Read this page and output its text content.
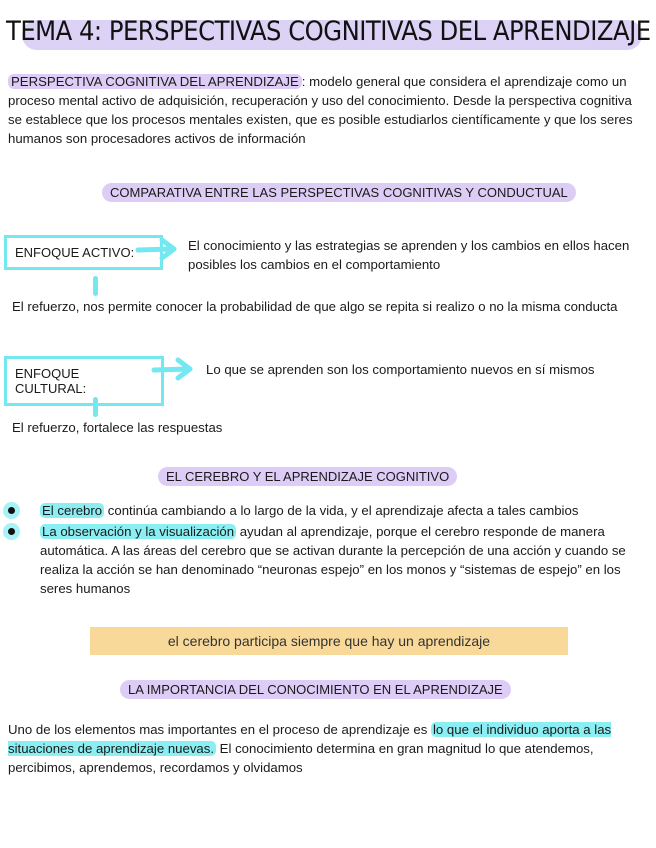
TEMA 4: PERSPECTIVAS COGNITIVAS DEL APRENDIZAJE
PERSPECTIVA COGNITIVA DEL APRENDIZAJE : modelo general que considera el aprendizaje como un proceso mental activo de adquisición, recuperación y uso del conocimiento. Desde la perspectiva cognitiva se establece que los procesos mentales existen, que es posible estudiarlos científicamente y que los seres humanos son procesadores activos de información
COMPARATIVA ENTRE LAS PERSPECTIVAS COGNITIVAS Y CONDUCTUAL
ENFOQUE ACTIVO:	El conocimiento y las estrategias se aprenden y los cambios en ellos hacen posibles los cambios en el comportamiento
El refuerzo, nos permite conocer la probabilidad de que algo se repita si realizo o no la misma conducta
ENFOQUE CULTURAL:
Lo que se aprenden son los comportamiento nuevos en sí mismos
El refuerzo, fortalece las respuestas
EL CEREBRO Y EL APRENDIZAJE COGNITIVO
El cerebro continúa cambiando a lo largo de la vida, y el aprendizaje afecta a tales cambios
La observación y la visualización ayudan al aprendizaje, porque el cerebro responde de manera automática. A las áreas del cerebro que se activan durante la percepción de una acción y cuando se realiza la acción se han denominado “neuronas espejo” en los monos y “sistemas de espejo” en los seres humanos
el cerebro participa siempre que hay un aprendizaje
LA IMPORTANCIA DEL CONOCIMIENTO EN EL APRENDIZAJE
Uno de los elementos mas importantes en el proceso de aprendizaje es lo que el individuo aporta a las situaciones de aprendizaje nuevas. El conocimiento determina en gran magnitud lo que atendemos, percibimos, aprendemos, recordamos y olvidamos
